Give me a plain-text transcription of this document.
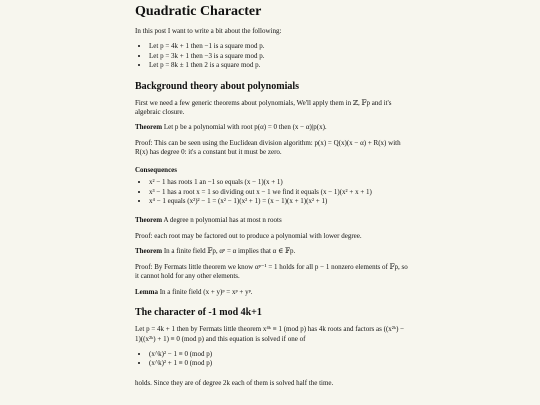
Quadratic Character

In this post I want to write a bit about the following:

• Let p = 4k + 1 then −1 is a square mod p.
• Let p = 3k + 1 then −3 is a square mod p.
• Let p = 8k ± 1 then 2 is a square mod p.
Background theory about polynomials

First we need a few generic theorems about polynomials, We'll apply them in ℤ, 𝔽p and it's algebraic closure.

Theorem Let p be a polynomial with root p(α) = 0 then (x − α)|p(x).

Proof: This can be seen using the Euclidean division algorithm: p(x) = Q(x)(x − α) + R(x) with R(x) has degree 0: it's a constant but it must be zero.

Consequences
• x² − 1 has roots 1 an −1 so equals (x − 1)(x + 1)
• x³ − 1 has a root x = 1 so dividing out x − 1 we find it equals (x − 1)(x² + x + 1)
• x⁴ − 1 equals (x²)² − 1 = (x² − 1)(x² + 1) = (x − 1)(x + 1)(x² + 1)

Theorem A degree n polynomial has at most n roots

Proof: each root may be factored out to produce a polynomial with lower degree.

Theorem In a finite field 𝔽p, αᵖ = α implies that α ∈ 𝔽p.

Proof: By Fermats little theorem we know αᵖ⁻¹ = 1 holds for all p − 1 nonzero elements of 𝔽p, so it cannot hold for any other elements.

Lemma In a finite field (x + y)ᵖ = xᵖ + yᵖ.

The character of -1 mod 4k+1

Let p = 4k + 1 then by Fermats little theorem x⁴ᵏ ≡ 1 (mod p) has 4k roots and factors as ((x²ᵏ) − 1)((x²ᵏ) + 1) ≡ 0 (mod p) and this equation is solved if one of

• (x^k)² − 1 ≡ 0 (mod p)
• (x^k)² + 1 ≡ 0 (mod p)

holds. Since they are of degree 2k each of them is solved half the time.
